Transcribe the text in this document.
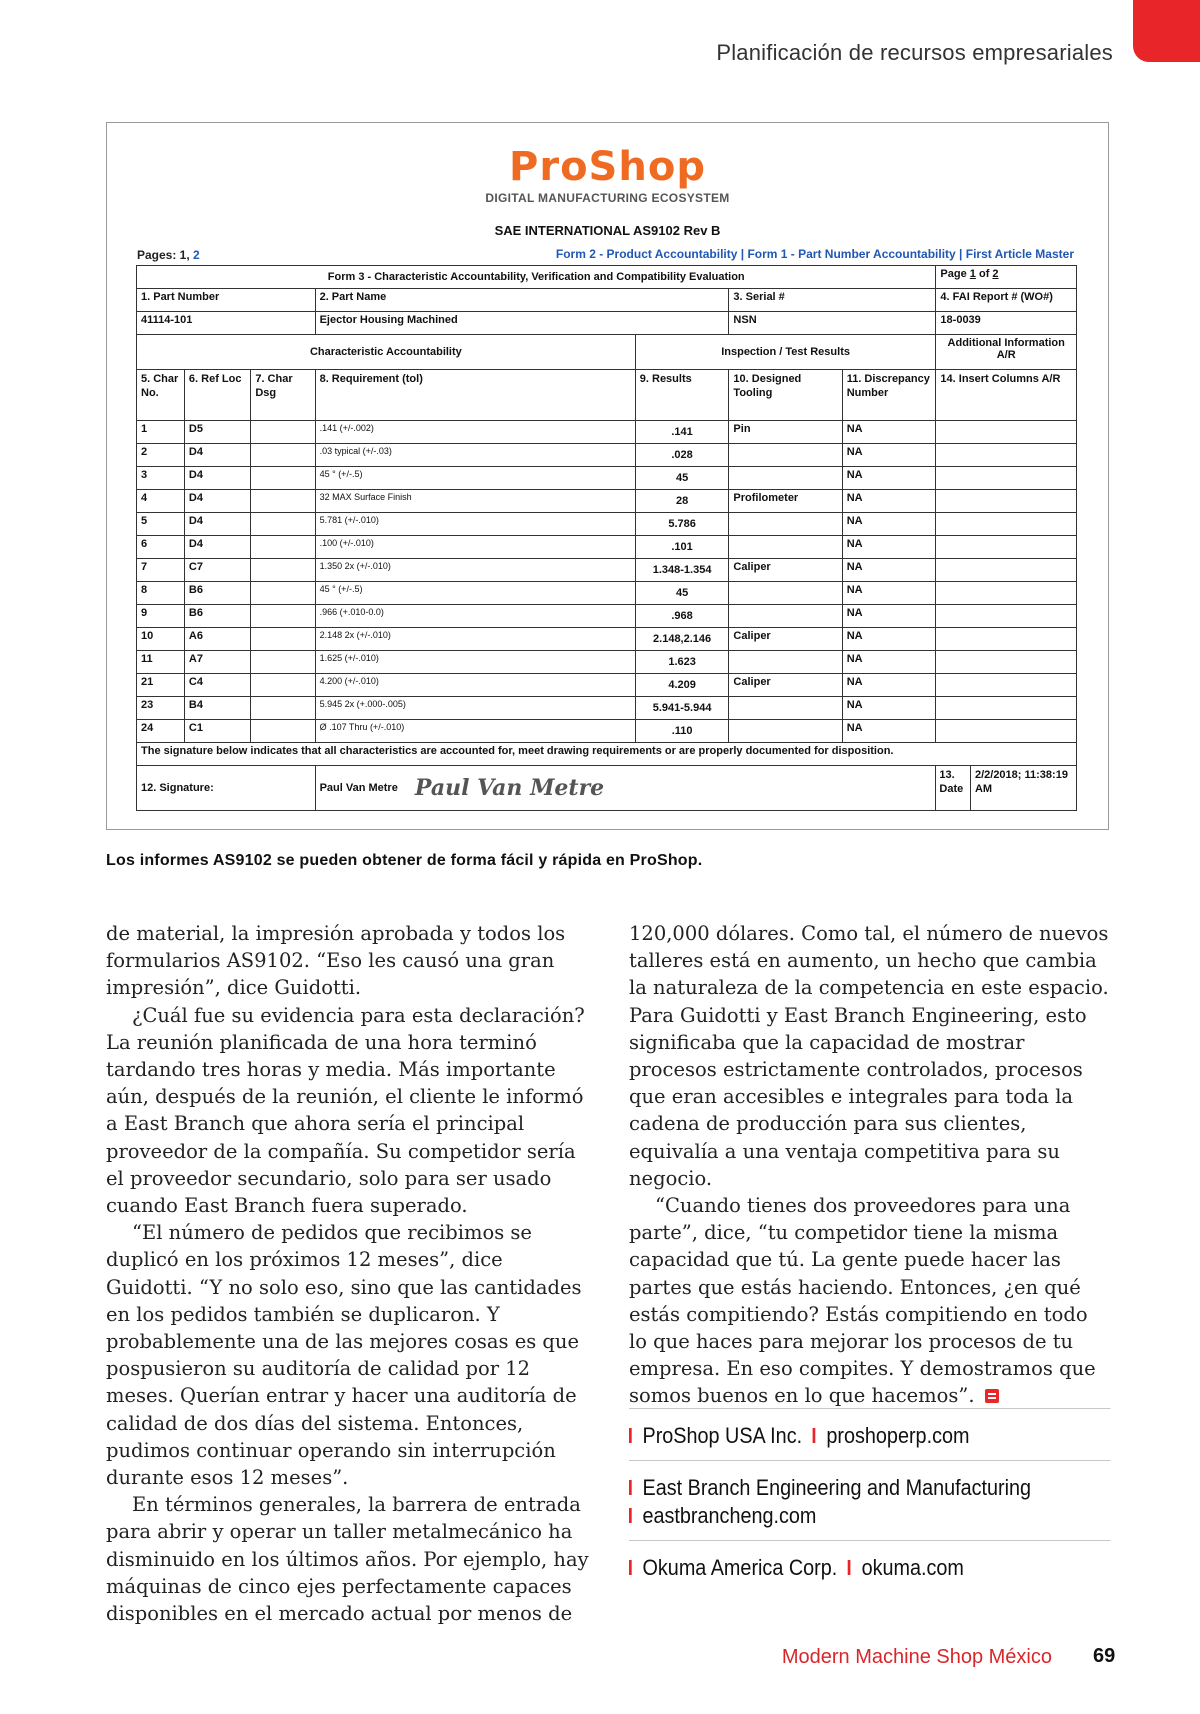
Planificación de recursos empresariales
ProShop
DIGITAL MANUFACTURING ECOSYSTEM
SAE INTERNATIONAL AS9102 Rev B
Pages: 1, 2	Form 2 - Product Accountability | Form 1 - Part Number Accountability | First Article Master
Form 3 - Characteristic Accountability, Verification and Compatibility Evaluation							Page 1 of 2
1. Part Number			2. Part Name		3. Serial #		4. FAI Report # (WO#)
41114-101			Ejector Housing Machined		NSN		18-0039
Characteristic Accountability				Inspection / Test Results			Additional Information A/R
5. Char No.	6. Ref Loc	7. Char Dsg	8. Requirement (tol)	9. Results	10. Designed Tooling	11. Discrepancy Number	14. Insert Columns A/R
1	D5		.141 (+/-.002)	.141	Pin	NA	
2	D4		.03 typical (+/-.03)	.028		NA	
3	D4		45 ° (+/-.5)	45		NA	
4	D4		32 MAX Surface Finish	28	Profilometer	NA	
5	D4		5.781 (+/-.010)	5.786		NA	
6	D4		.100 (+/-.010)	.101		NA	
7	C7		1.350 2x (+/-.010)	1.348-1.354	Caliper	NA	
8	B6		45 ° (+/-.5)	45		NA	
9	B6		.966 (+.010-0.0)	.968		NA	
10	A6		2.148 2x (+/-.010)	2.148,2.146	Caliper	NA	
11	A7		1.625 (+/-.010)	1.623		NA	
21	C4		4.200 (+/-.010)	4.209	Caliper	NA	
23	B4		5.945 2x (+.000-.005)	5.941-5.944		NA	
24	C1		Ø .107 Thru (+/-.010)	.110		NA	
The signature below indicates that all characteristics are accounted for, meet drawing requirements or are properly documented for disposition.							
12. Signature:			Paul Van Metre Paul Van Metre				13. Date
2/2/2018; 11:38:19 AM
Los informes AS9102 se pueden obtener de forma fácil y rápida en ProShop.

de material, la impresión aprobada y todos los formularios AS9102. “Eso les causó una gran impresión”, dice Guidotti.

¿Cuál fue su evidencia para esta declaración? La reunión planificada de una hora terminó tardando tres horas y media. Más importante aún, después de la reunión, el cliente le informó a East Branch que ahora sería el principal proveedor de la compañía. Su competidor sería el proveedor secundario, solo para ser usado cuando East Branch fuera superado.

“El número de pedidos que recibimos se duplicó en los próximos 12 meses”, dice Guidotti. “Y no solo eso, sino que las cantidades en los pedidos también se duplicaron. Y probablemente una de las mejores cosas es que pospusieron su auditoría de calidad por 12 meses. Querían entrar y hacer una auditoría de calidad de dos días del sistema. Entonces, pudimos continuar operando sin interrupción durante esos 12 meses”.

En términos generales, la barrera de entrada para abrir y operar un taller metalmecánico ha disminuido en los últimos años. Por ejemplo, hay máquinas de cinco ejes perfectamente capaces disponibles en el mercado actual por menos de

120,000 dólares. Como tal, el número de nuevos talleres está en aumento, un hecho que cambia la naturaleza de la competencia en este espacio. Para Guidotti y East Branch Engineering, esto significaba que la capacidad de mostrar procesos estrictamente controlados, procesos que eran accesibles e integrales para toda la cadena de producción para sus clientes, equivalía a una ventaja competitiva para su negocio.

“Cuando tienes dos proveedores para una parte”, dice, “tu competidor tiene la misma capacidad que tú. La gente puede hacer las partes que estás haciendo. Entonces, ¿en qué estás compitiendo? Estás compitiendo en todo lo que haces para mejorar los procesos de tu empresa. En eso compites. Y demostramos que somos buenos en lo que hacemos”.

ProShop USA Inc. proshoperp.com
East Branch Engineering and Manufacturing
eastbrancheng.com
Okuma America Corp. okuma.com
Modern Machine Shop México 69
